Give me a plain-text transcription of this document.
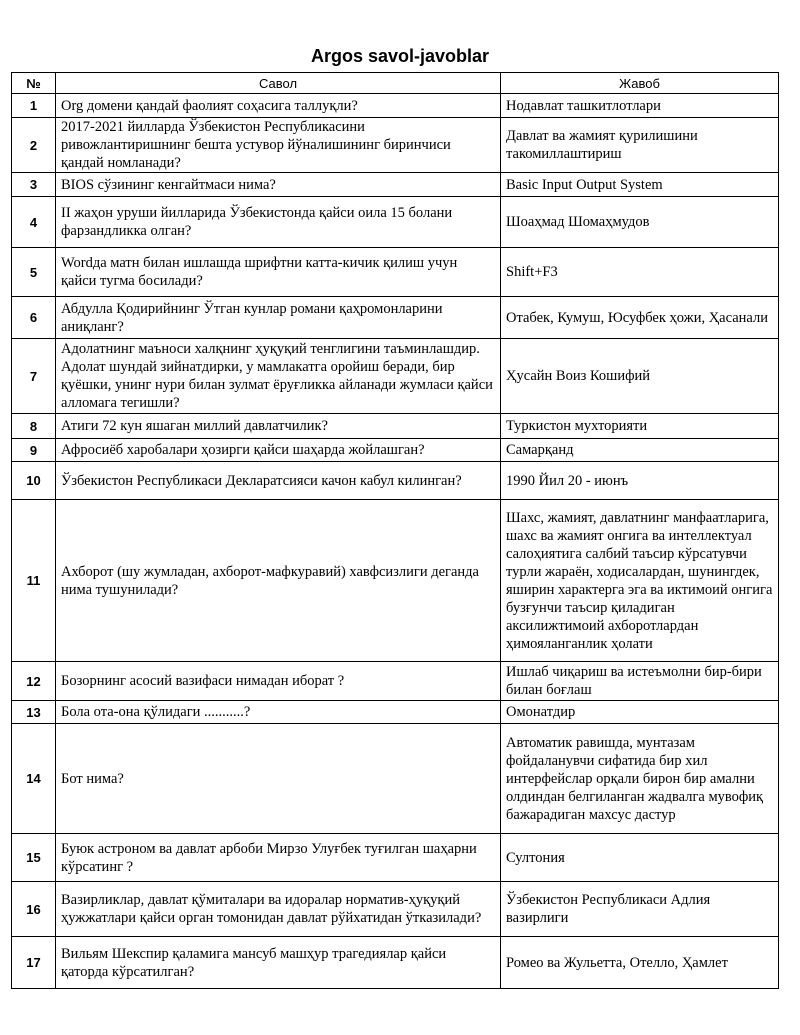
Argos savol-javoblar
№	Савол	Жавоб
1	Org домени қандай фаолият соҳасига таллуқли?	Нодавлат ташкитлотлари
2	2017-2021 йилларда Ўзбекистон Республикасини ривожлантиришнинг бешта устувор йўналишининг биринчиси қандай номланади?	Давлат ва жамият қурилишини такомиллаштириш
3	BIOS сўзининг кенгайтмаси нима?	Basic Input Output System
4	II жаҳон уруши йилларида Ўзбекистонда қайси оила 15 болани фарзандликка олган?	Шоаҳмад Шомаҳмудов
5	Wordда матн билан ишлашда шрифтни катта-кичик қилиш учун қайси тугма босилади?	Shift+F3
6	Абдулла Қодирийнинг Ўтган кунлар романи қаҳромонларини аниқланг?	Отабек, Кумуш, Юсуфбек ҳожи, Ҳасанали
7	Адолатнинг маъноси халқнинг ҳуқуқий тенглигини таъминлашдир. Адолат шундай зийнатдирки, у мамлакатга оройиш беради, бир қуёшки, унинг нури билан зулмат ёруғликка айланади жумласи қайси алломага тегишли?	Ҳусайн Воиз Кошифий
8	Атиги 72 кун яшаган миллий давлатчилик?	Туркистон мухторияти
9	Афросиёб харобалари ҳозирги қайси шаҳарда жойлашган?	Самарқанд
10	Ўзбекистон Республикаси Декларатсияси качон кабул килинган?	1990 Йил 20 - июнъ
11	Ахборот (шу жумладан, ахборот-мафкуравий) хавфсизлиги деганда нима тушунилади?	Шахс, жамият, давлатнинг манфаатларига, шахс ва жамият онгига ва интеллектуал салоҳиятига салбий таъсир кўрсатувчи турли жараён, ходисалардан, шунингдек, яширин характерга эга ва иктимоий онгига бузғунчи таъсир қиладиган аксилижтимоий ахборотлардан ҳимояланганлик ҳолати
12	Бозорнинг асосий вазифаси нимадан иборат ?	Ишлаб чиқариш ва истеъмолни бир-бири билан боғлаш
13	Бола ота-она қўлидаги ...........?	Омонатдир
14	Бот нима?	Автоматик равишда, мунтазам фойдаланувчи сифатида бир хил интерфейслар орқали бирон бир амални олдиндан белгиланган жадвалга мувофиқ бажарадиган махсус дастур
15	Буюк астроном ва давлат арбоби Мирзо Улуғбек туғилган шаҳарни кўрсатинг ?	Султония
16	Вазирликлар, давлат қўмиталари ва идоралар норматив-ҳуқуқий ҳужжатлари қайси орган томонидан давлат рўйхатидан ўтказилади?	Ўзбекистон Республикаси Адлия вазирлиги
17	Вильям Шекспир қаламига мансуб машҳур трагедиялар қайси қаторда кўрсатилган?	Ромео ва Жульетта, Отелло, Ҳамлет
